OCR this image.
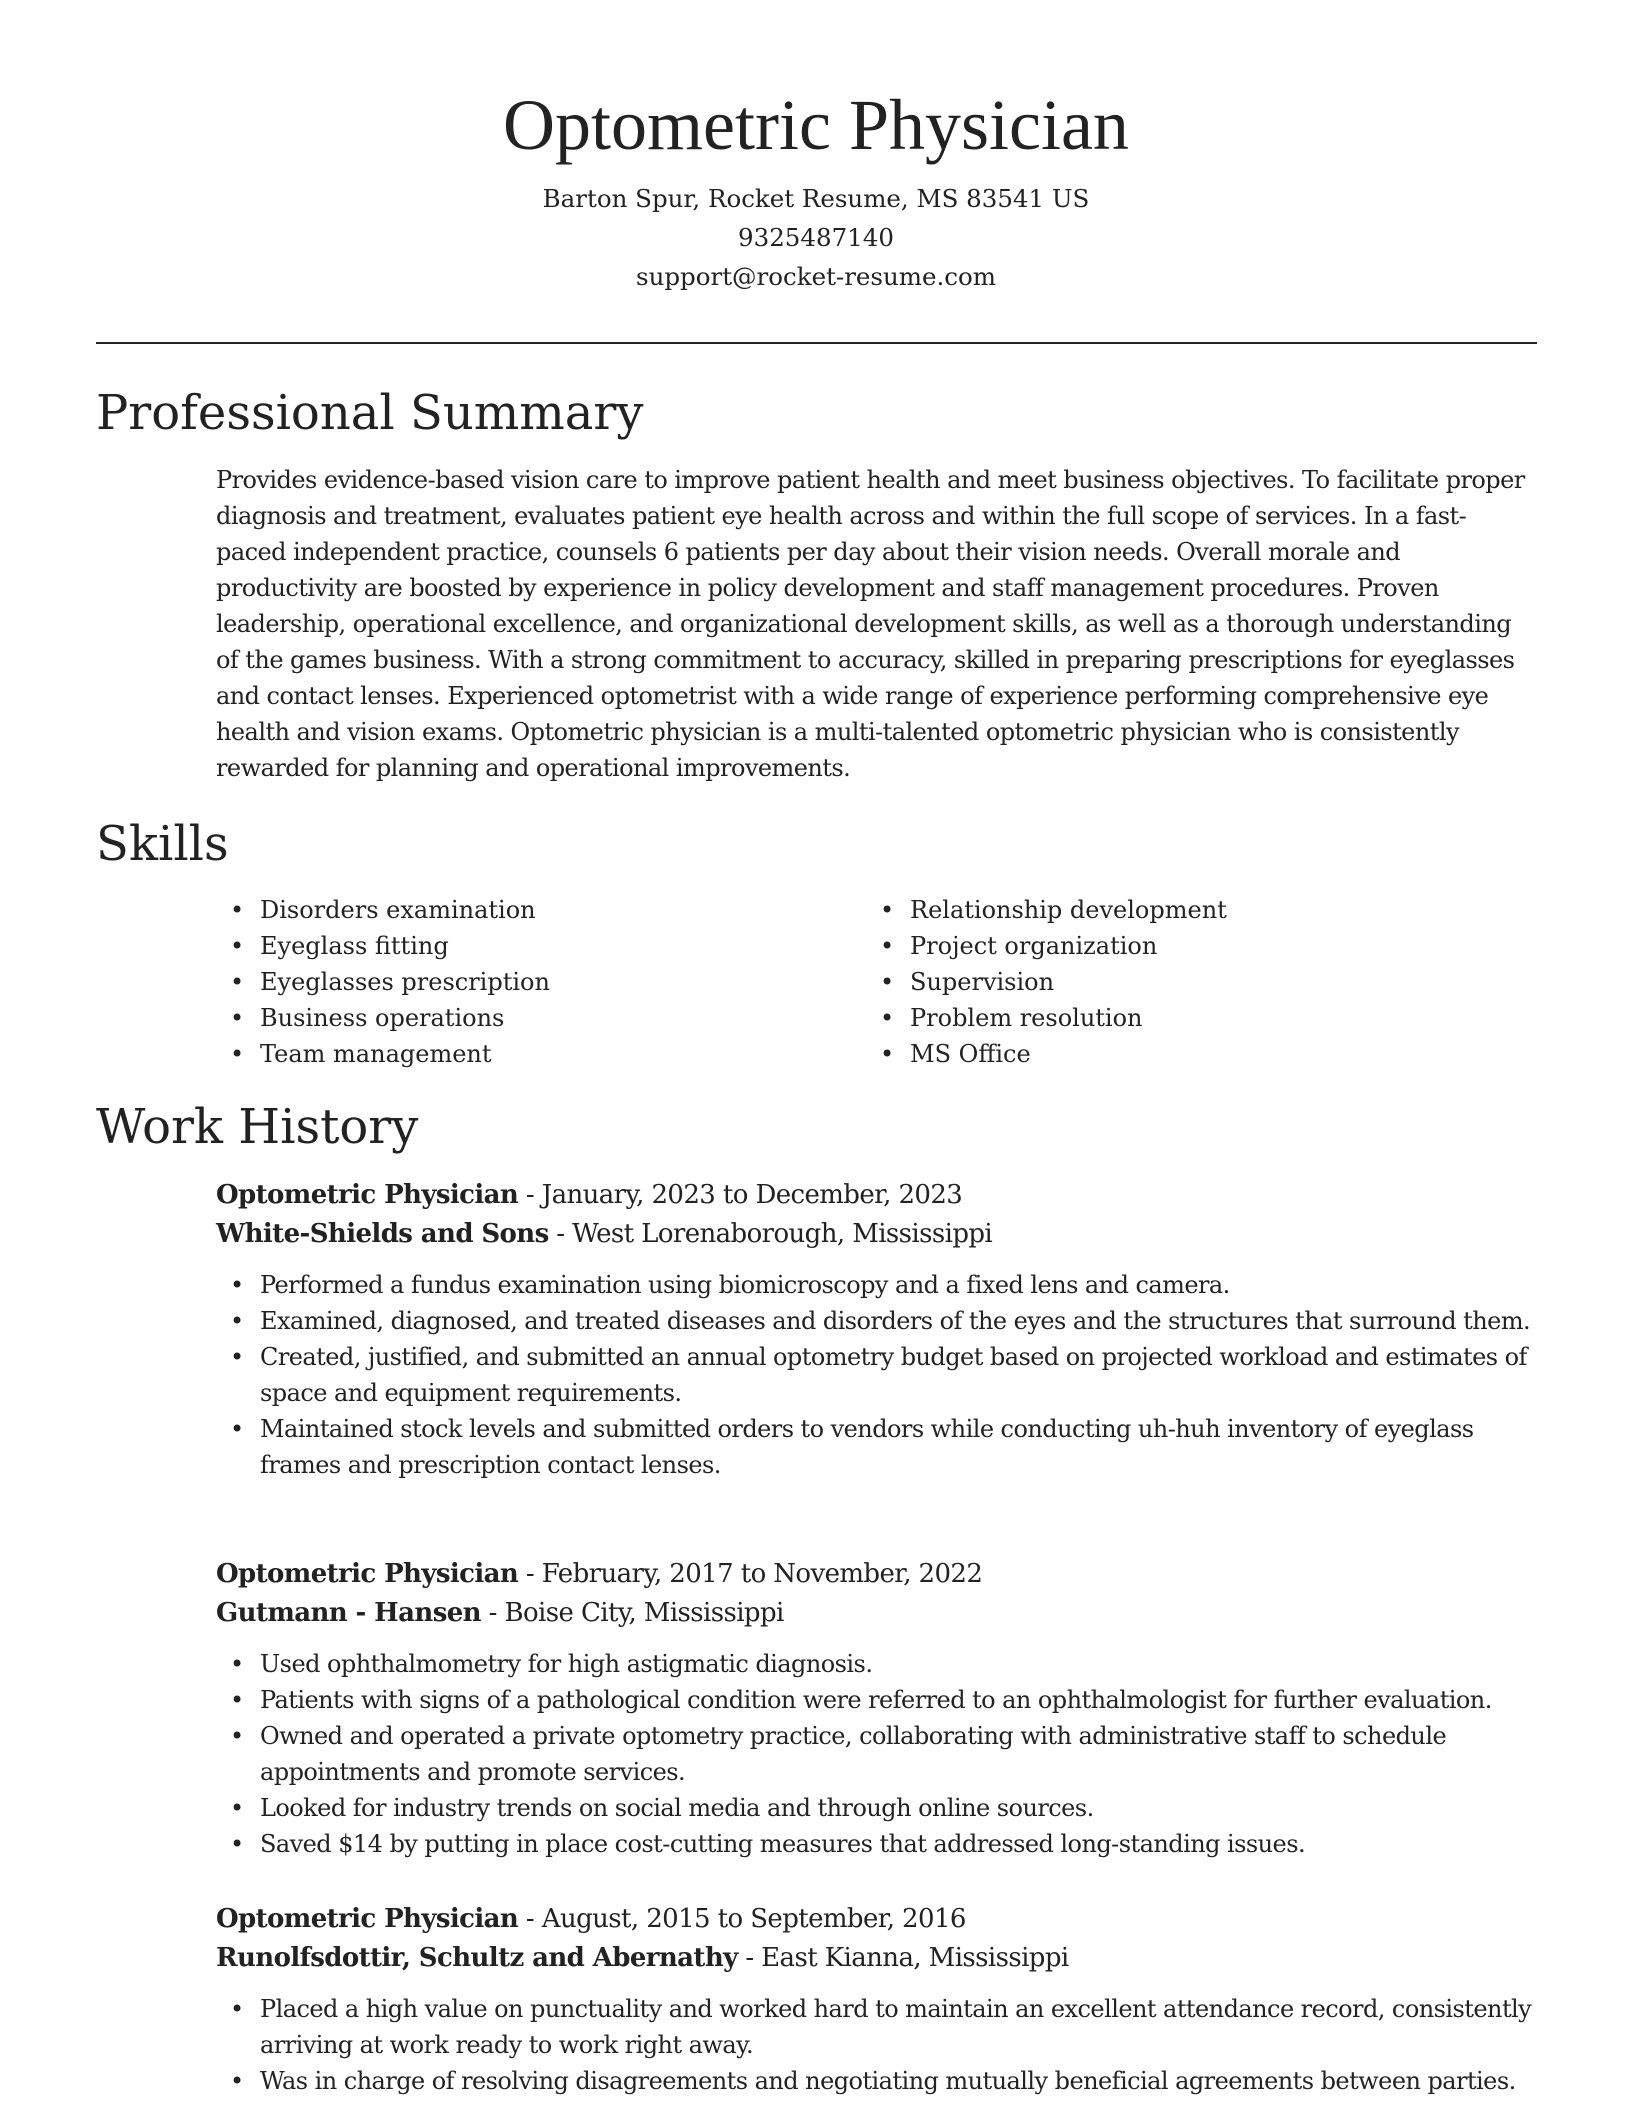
Optometric Physician
Barton Spur, Rocket Resume, MS 83541 US
9325487140
support@rocket-resume.com
Professional Summary

Provides evidence-based vision care to improve patient health and meet business objectives. To facilitate proper diagnosis and treatment, evaluates patient eye health across and within the full scope of services. In a fast-paced independent practice, counsels 6 patients per day about their vision needs. Overall morale and productivity are boosted by experience in policy development and staff management procedures. Proven leadership, operational excellence, and organizational development skills, as well as a thorough understanding of the games business. With a strong commitment to accuracy, skilled in preparing prescriptions for eyeglasses and contact lenses. Experienced optometrist with a wide range of experience performing comprehensive eye health and vision exams. Optometric physician is a multi-talented optometric physician who is consistently rewarded for planning and operational improvements.

Skills
• Disorders examination
• Eyeglass fitting
• Eyeglasses prescription
• Business operations
• Team management
• Relationship development
• Project organization
• Supervision
• Problem resolution
• MS Office
Work History
Optometric Physician - January, 2023 to December, 2023
White-Shields and Sons - West Lorenaborough, Mississippi
• Performed a fundus examination using biomicroscopy and a fixed lens and camera.
• Examined, diagnosed, and treated diseases and disorders of the eyes and the structures that surround them.
• Created, justified, and submitted an annual optometry budget based on projected workload and estimates of space and equipment requirements.
• Maintained stock levels and submitted orders to vendors while conducting uh-huh inventory of eyeglass frames and prescription contact lenses.
Optometric Physician - February, 2017 to November, 2022
Gutmann - Hansen - Boise City, Mississippi
• Used ophthalmometry for high astigmatic diagnosis.
• Patients with signs of a pathological condition were referred to an ophthalmologist for further evaluation.
• Owned and operated a private optometry practice, collaborating with administrative staff to schedule appointments and promote services.
• Looked for industry trends on social media and through online sources.
• Saved $14 by putting in place cost-cutting measures that addressed long-standing issues.
Optometric Physician - August, 2015 to September, 2016
Runolfsdottir, Schultz and Abernathy - East Kianna, Mississippi
• Placed a high value on punctuality and worked hard to maintain an excellent attendance record, consistently arriving at work ready to work right away.
• Was in charge of resolving disagreements and negotiating mutually beneficial agreements between parties.
